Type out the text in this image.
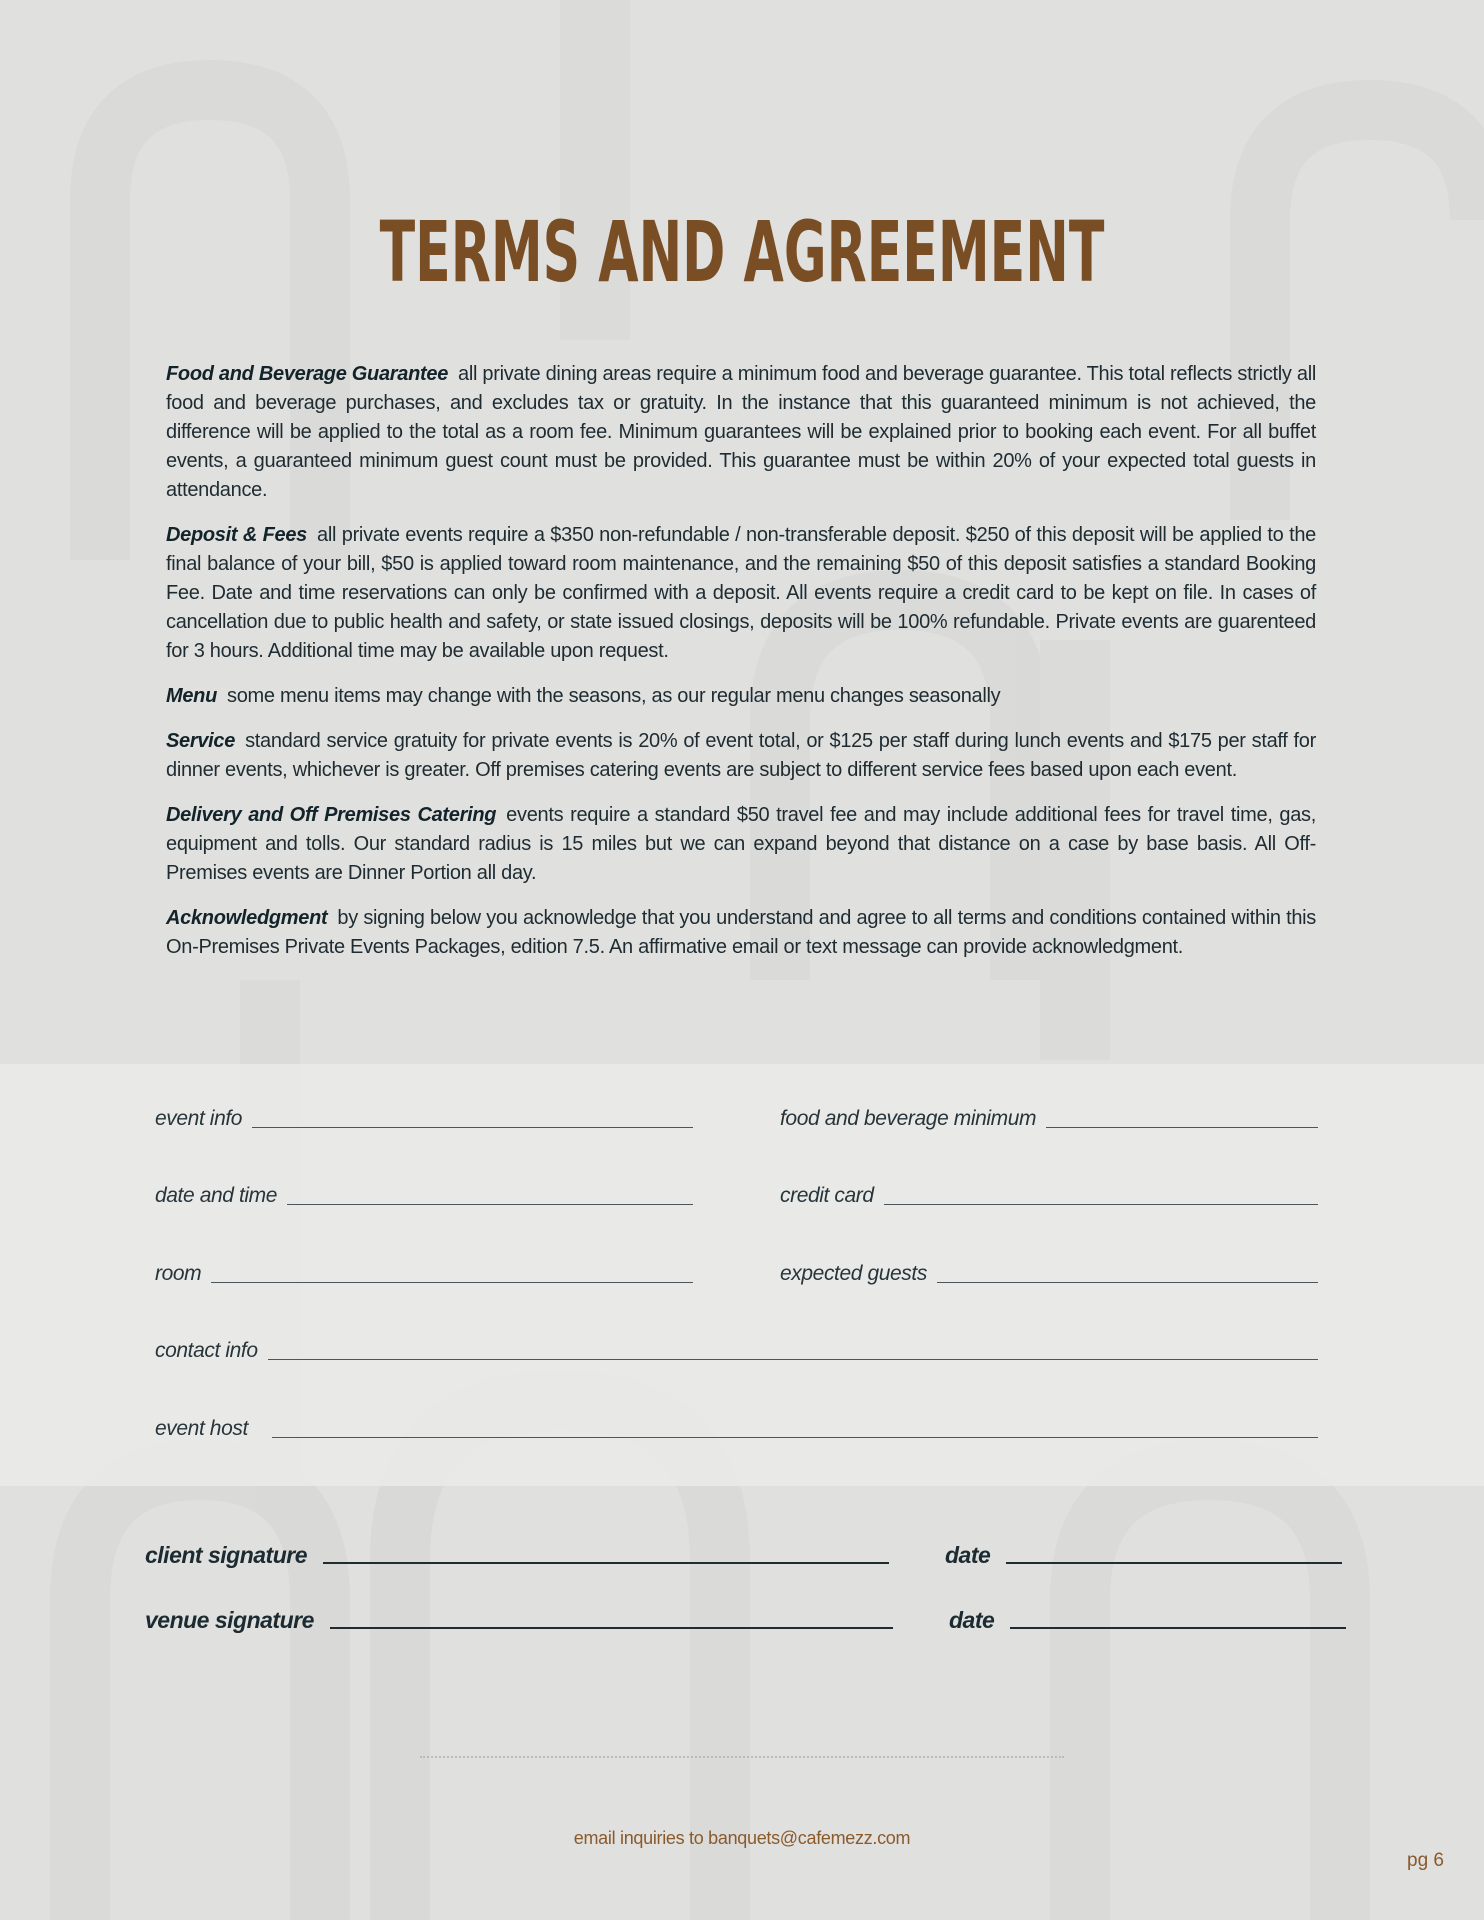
TERMS AND AGREEMENT

Food and Beverage Guarantee all private dining areas require a minimum food and beverage guarantee. This total reflects strictly all food and beverage purchases, and excludes tax or gratuity. In the instance that this guaranteed minimum is not achieved, the difference will be applied to the total as a room fee. Minimum guarantees will be explained prior to booking each event. For all buffet events, a guaranteed minimum guest count must be provided. This guarantee must be within 20% of your expected total guests in attendance.

Deposit & Fees all private events require a $350 non-refundable / non-transferable deposit. $250 of this deposit will be applied to the final balance of your bill, $50 is applied toward room maintenance, and the remaining $50 of this deposit satisfies a standard Booking Fee. Date and time reservations can only be confirmed with a deposit. All events require a credit card to be kept on file. In cases of cancellation due to public health and safety, or state issued closings, deposits will be 100% refundable. Private events are guarenteed for 3 hours. Additional time may be available upon request.

Menu some menu items may change with the seasons, as our regular menu changes seasonally

Service standard service gratuity for private events is 20% of event total, or $125 per staff during lunch events and $175 per staff for dinner events, whichever is greater. Off premises catering events are subject to different service fees based upon each event.

Delivery and Off Premises Catering events require a standard $50 travel fee and may include additional fees for travel time, gas, equipment and tolls. Our standard radius is 15 miles but we can expand beyond that distance on a case by base basis. All Off-Premises events are Dinner Portion all day.

Acknowledgment by signing below you acknowledge that you understand and agree to all terms and conditions contained within this On-Premises Private Events Packages, edition 7.5. An affirmative email or text message can provide acknowledgment.

event info	food and beverage minimum
date and time	credit card
room	expected guests
contact info
event host
client signature	date
venue signature	date
email inquiries to banquets@cafemezz.com
pg 6
